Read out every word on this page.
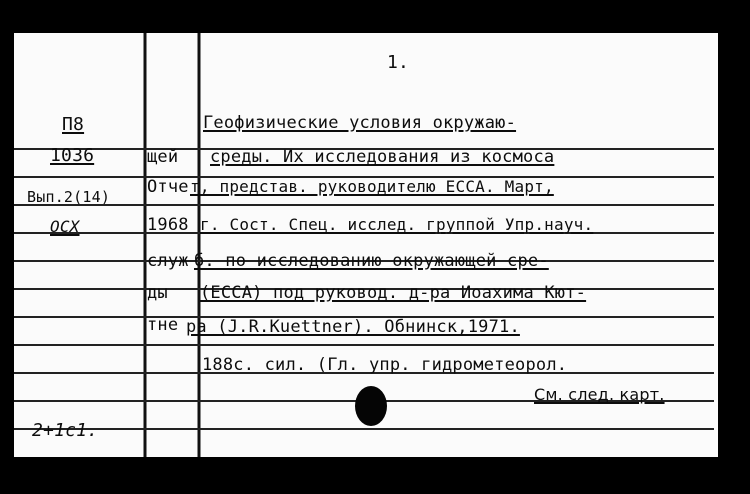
1.
П8
1036
Вып.2(14)
ОСХ
2+1с1.
щей
Отче
1968
служ
ды
тне
Геофизические условия окружаю-
среды. Их исследования из космоса
т, представ. руководителю ЕССА. Март,
г. Сост. Спец. исслед. группой Упр.науч.
б. по исследованию окружающей сре-
(ЕССА) под руковод. д-ра Иоахима Кют-
ра (J.R.Kuettner). Обнинск,1971.
188с. сил. (Гл. упр. гидрометеорол.
См. след. карт.
